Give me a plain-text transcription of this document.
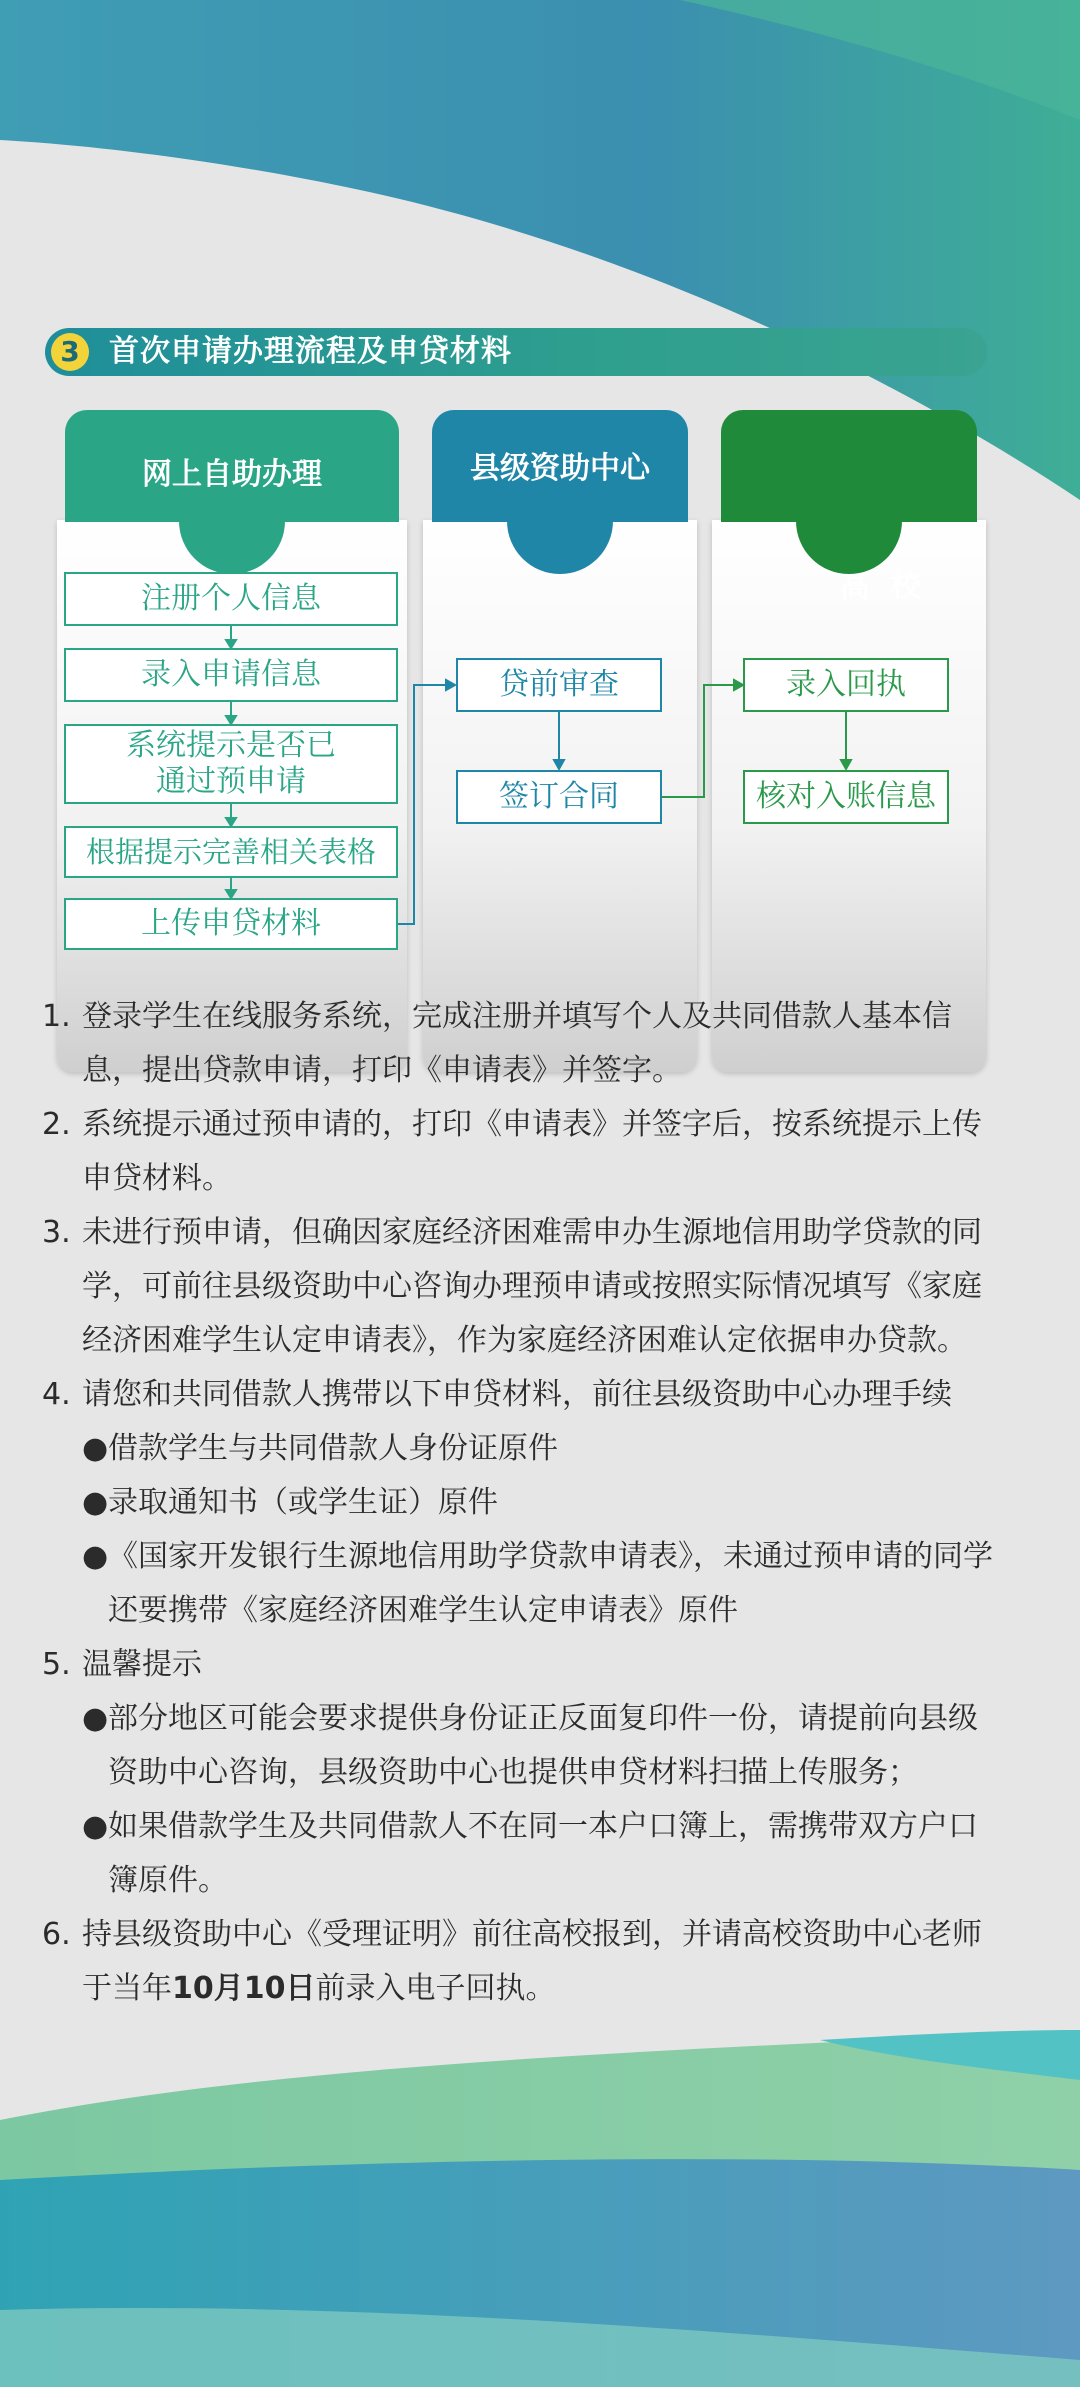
3 首次申请办理流程及申贷材料
网上自助办理
注册个人信息
录入申请信息
系统提示是否已
通过预申请
根据提示完善相关表格
上传申贷材料
县级资助中心
贷前审查
签订合同

高  校

录入回执
核对入账信息
1. 登录学生在线服务系统，完成注册并填写个人及共同借款人基本信息，提出贷款申请，打印《申请表》并签字。
2. 系统提示通过预申请的，打印《申请表》并签字后，按系统提示上传申贷材料。
3. 未进行预申请，但确因家庭经济困难需申办生源地信用助学贷款的同学，可前往县级资助中心咨询办理预申请或按照实际情况填写《家庭经济困难学生认定申请表》，作为家庭经济困难认定依据申办贷款。
4. 请您和共同借款人携带以下申贷材料，前往县级资助中心办理手续
● 借款学生与共同借款人身份证原件
● 录取通知书（或学生证）原件
● 《国家开发银行生源地信用助学贷款申请表》，未通过预申请的同学还要携带《家庭经济困难学生认定申请表》原件
5. 温馨提示
● 部分地区可能会要求提供身份证正反面复印件一份，请提前向县级资助中心咨询，县级资助中心也提供申贷材料扫描上传服务；
● 如果借款学生及共同借款人不在同一本户口簿上，需携带双方户口簿原件。
6. 持县级资助中心《受理证明》前往高校报到，并请高校资助中心老师于当年10月10日前录入电子回执。
